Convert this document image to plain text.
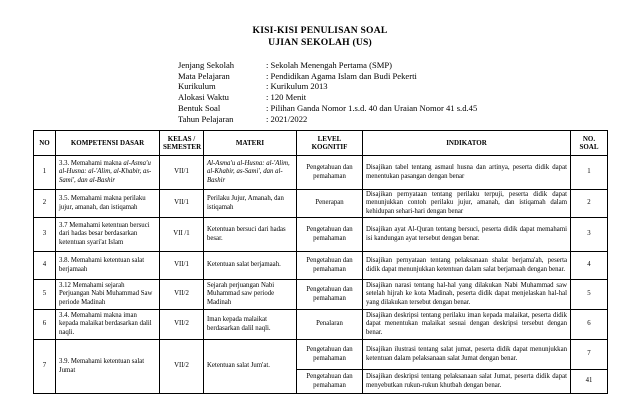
KISI-KISI PENULISAN SOAL
UJIAN SEKOLAH (US)
Jenjang Sekolah	: Sekolah Menengah Pertama (SMP)
Mata Pelajaran	: Pendidikan Agama Islam dan Budi Pekerti
Kurikulum	: Kurikulum 2013
Alokasi Waktu	: 120 Menit
Bentuk Soal	: Pilihan Ganda Nomor 1.s.d. 40 dan Uraian Nomor 41 s.d.45
Tahun Pelajaran	: 2021/2022
NO	KOMPETENSI DASAR	KELAS / SEMESTER	MATERI	LEVEL KOGNITIF	INDIKATOR	NO. SOAL
1	3.3. Memahami makna al-Asma'u al-Husna: al-'Alim, al-Khabir, as-Sami', dan al-Bashir	VII/1	Al-Asma'u al-Husna: al-'Alim, al-Khabir, as-Sami', dan al-Bashir	Pengetahuan dan pemahaman	Disajikan tabel tentang asmaul husna dan artinya, peserta didik dapat menentukan pasangan dengan benar	1
2	3.5. Memahami makna perilaku jujur, amanah, dan istiqamah	VII/1	Perilaku Jujur, Amanah, dan istiqamah	Penerapan	Disajikan pernyataan tentang perilaku terpuji, peserta didik dapat menunjukkan contoh perilaku jujur, amanah, dan istiqamah dalam kehidupan sehari-hari dengan benar	2
3	3.7 Memahami ketentuan bersuci dari hadas besar berdasarkan ketentuan syari'at Islam	VII /1	Ketentuan bersuci dari hadas besar.	Pengetahuan dan pemahaman	Disajikan ayat Al-Quran tentang bersuci, peserta didik dapat memahami isi kandungan ayat tersebut dengan benar.	3
4	3.8. Memahami ketentuan salat berjamaah	VII/1	Ketentuan salat berjamaah.	Pengetahuan dan pemahaman	Disajikan pernyataan tentang pelaksanaan shalat berjama'ah, peserta didik dapat menunjukkan ketentuan dalam salat berjamaah dengan benar.	4
5	3.12 Memahami sejarah Perjuangan Nabi Muhammad Saw periode Madinah	VII/2	Sejarah perjuangan Nabi Muhammad saw periode Madinah	Pengetahuan dan pemahaman	Disajikan narasi tentang hal-hal yang dilakukan Nabi Muhammad saw setelah hijrah ke kota Madinah, peserta didik dapat menjelaskan hal-hal yang dilakukan tersebut dengan benar.	5
6	3.4. Memahami makna iman kepada malaikat berdasarkan dalil naqli.	VII/2	Iman kepada malaikat berdasarkan dalil naqli.	Penalaran	Disajikan deskripsi tentang perilaku iman kepada malaikat, peserta didik dapat menentukan malaikat sesuai dengan deskripsi tersebut dengan benar.	6
7	3.9. Memahami ketentuan salat Jumat	VII/2	Ketentuan salat Jum'at.	Pengetahuan dan pemahaman	Disajikan ilustrasi tentang salat jumat, peserta didik dapat menunjukkan ketentuan dalam pelaksanaan salat Jumat dengan benar.	7
				Pengetahuan dan pemahaman	Disajikan deskripsi tentang pelaksanaan salat Jumat, peserta didik dapat menyebutkan rukun-rukun khutbah dengan benar.	41
